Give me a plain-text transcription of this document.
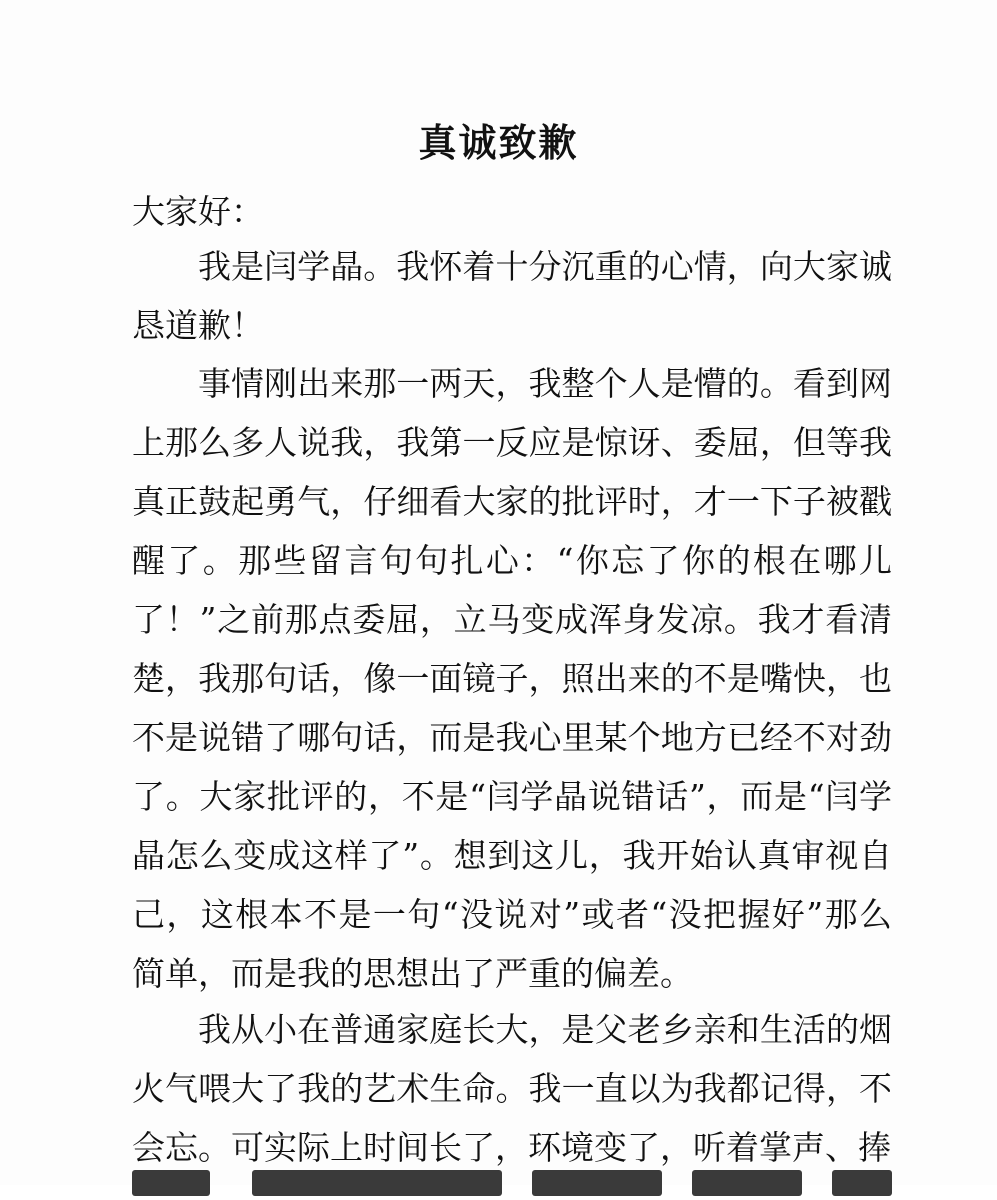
真诚致歉

大家好：

我是闫学晶。我怀着十分沉重的心情，向大家诚恳道歉！

事情刚出来那一两天，我整个人是懵的。看到网上那么多人说我，我第一反应是惊讶、委屈，但等我真正鼓起勇气，仔细看大家的批评时，才一下子被戳醒了。那些留言句句扎心：“你忘了你的根在哪儿了！”之前那点委屈，立马变成浑身发凉。我才看清楚，我那句话，像一面镜子，照出来的不是嘴快，也不是说错了哪句话，而是我心里某个地方已经不对劲了。大家批评的，不是“闫学晶说错话”，而是“闫学晶怎么变成这样了”。想到这儿，我开始认真审视自己，这根本不是一句“没说对”或者“没把握好”那么简单，而是我的思想出了严重的偏差。

我从小在普通家庭长大，是父老乡亲和生活的烟火气喂大了我的艺术生命。我一直以为我都记得，不会忘。可实际上时间长了，环境变了，听着掌声、捧
